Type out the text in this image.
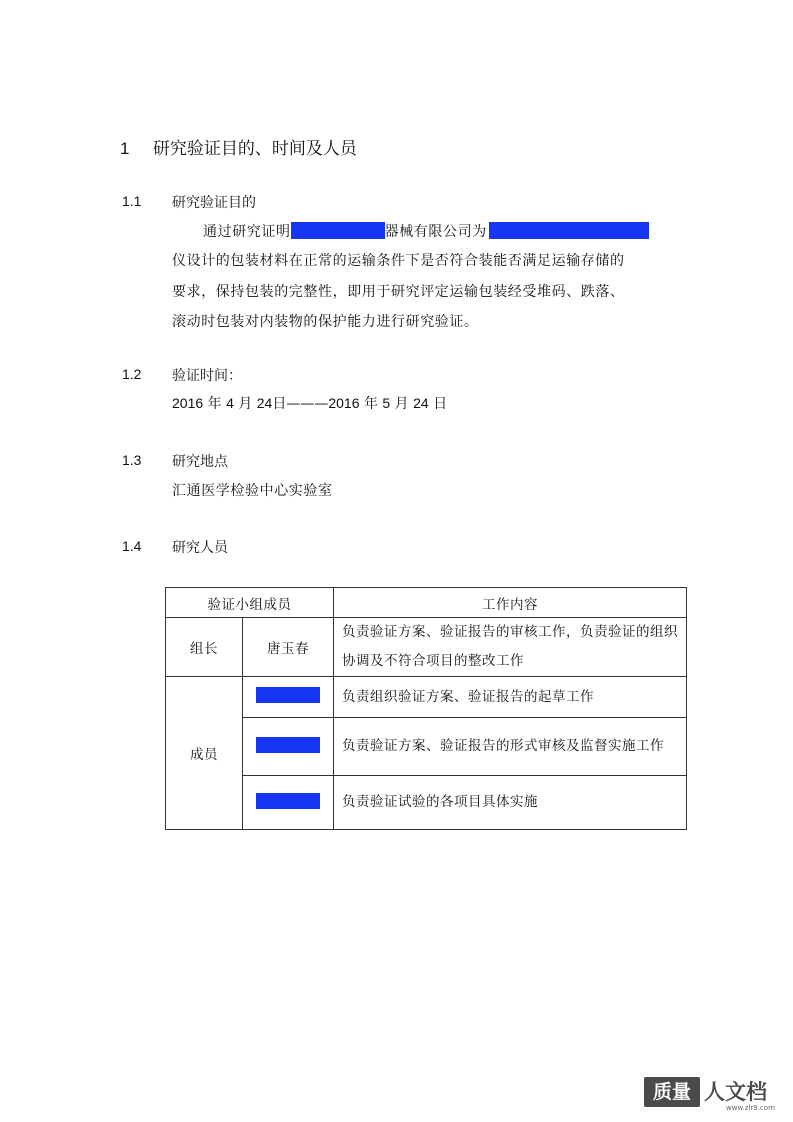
1 研究验证目的、时间及人员
1.1 研究验证目的
通过研究证明	器械有限公司为
仪设计的包装材料在正常的运输条件下是否符合装能否满足运输存储的
要求，保持包装的完整性，即用于研究评定运输包装经受堆码、跌落、
滚动时包装对内装物的保护能力进行研究验证。
1.2 验证时间：
2016 年 4 月 24日———2016 年 5 月 24 日
1.3 研究地点
汇通医学检验中心实验室
1.4 研究人员
验证小组成员		工作内容
组长	唐玉春	负责验证方案、验证报告的审核工作，负责验证的组织协调及不符合项目的整改工作
成员		负责组织验证方案、验证报告的起草工作
		负责验证方案、验证报告的形式审核及监督实施工作
		负责验证试验的各项目具体实施
质量 人文档
www.zlr9.com
